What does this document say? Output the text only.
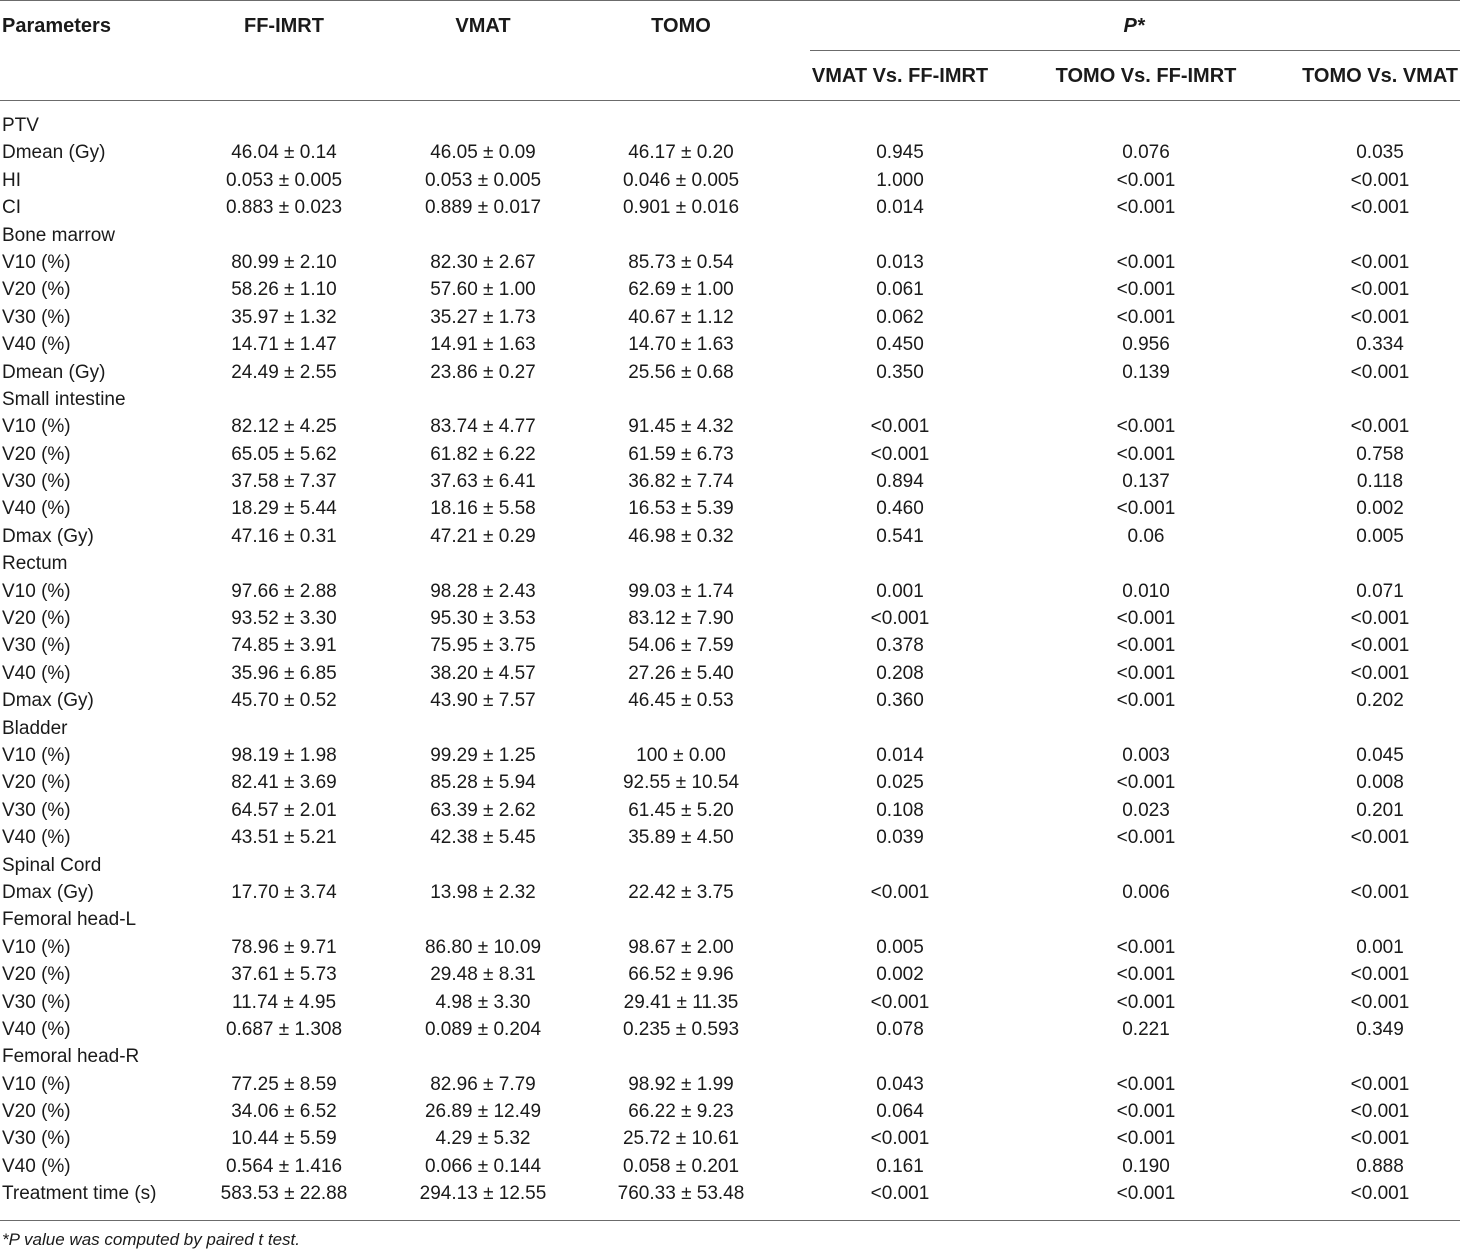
Parameters	FF-IMRT	VMAT	TOMO	P*
VMAT Vs. FF-IMRT	TOMO Vs. FF-IMRT	TOMO Vs. VMAT
PTV
Dmean (Gy)	46.04 ± 0.14	46.05 ± 0.09	46.17 ± 0.20	0.945	0.076	0.035
HI	0.053 ± 0.005	0.053 ± 0.005	0.046 ± 0.005	1.000	<0.001	<0.001
CI	0.883 ± 0.023	0.889 ± 0.017	0.901 ± 0.016	0.014	<0.001	<0.001
Bone marrow
V10 (%)	80.99 ± 2.10	82.30 ± 2.67	85.73 ± 0.54	0.013	<0.001	<0.001
V20 (%)	58.26 ± 1.10	57.60 ± 1.00	62.69 ± 1.00	0.061	<0.001	<0.001
V30 (%)	35.97 ± 1.32	35.27 ± 1.73	40.67 ± 1.12	0.062	<0.001	<0.001
V40 (%)	14.71 ± 1.47	14.91 ± 1.63	14.70 ± 1.63	0.450	0.956	0.334
Dmean (Gy)	24.49 ± 2.55	23.86 ± 0.27	25.56 ± 0.68	0.350	0.139	<0.001
Small intestine
V10 (%)	82.12 ± 4.25	83.74 ± 4.77	91.45 ± 4.32	<0.001	<0.001	<0.001
V20 (%)	65.05 ± 5.62	61.82 ± 6.22	61.59 ± 6.73	<0.001	<0.001	0.758
V30 (%)	37.58 ± 7.37	37.63 ± 6.41	36.82 ± 7.74	0.894	0.137	0.118
V40 (%)	18.29 ± 5.44	18.16 ± 5.58	16.53 ± 5.39	0.460	<0.001	0.002
Dmax (Gy)	47.16 ± 0.31	47.21 ± 0.29	46.98 ± 0.32	0.541	0.06	0.005
Rectum
V10 (%)	97.66 ± 2.88	98.28 ± 2.43	99.03 ± 1.74	0.001	0.010	0.071
V20 (%)	93.52 ± 3.30	95.30 ± 3.53	83.12 ± 7.90	<0.001	<0.001	<0.001
V30 (%)	74.85 ± 3.91	75.95 ± 3.75	54.06 ± 7.59	0.378	<0.001	<0.001
V40 (%)	35.96 ± 6.85	38.20 ± 4.57	27.26 ± 5.40	0.208	<0.001	<0.001
Dmax (Gy)	45.70 ± 0.52	43.90 ± 7.57	46.45 ± 0.53	0.360	<0.001	0.202
Bladder
V10 (%)	98.19 ± 1.98	99.29 ± 1.25	100 ± 0.00	0.014	0.003	0.045
V20 (%)	82.41 ± 3.69	85.28 ± 5.94	92.55 ± 10.54	0.025	<0.001	0.008
V30 (%)	64.57 ± 2.01	63.39 ± 2.62	61.45 ± 5.20	0.108	0.023	0.201
V40 (%)	43.51 ± 5.21	42.38 ± 5.45	35.89 ± 4.50	0.039	<0.001	<0.001
Spinal Cord
Dmax (Gy)	17.70 ± 3.74	13.98 ± 2.32	22.42 ± 3.75	<0.001	0.006	<0.001
Femoral head-L
V10 (%)	78.96 ± 9.71	86.80 ± 10.09	98.67 ± 2.00	0.005	<0.001	0.001
V20 (%)	37.61 ± 5.73	29.48 ± 8.31	66.52 ± 9.96	0.002	<0.001	<0.001
V30 (%)	11.74 ± 4.95	4.98 ± 3.30	29.41 ± 11.35	<0.001	<0.001	<0.001
V40 (%)	0.687 ± 1.308	0.089 ± 0.204	0.235 ± 0.593	0.078	0.221	0.349
Femoral head-R
V10 (%)	77.25 ± 8.59	82.96 ± 7.79	98.92 ± 1.99	0.043	<0.001	<0.001
V20 (%)	34.06 ± 6.52	26.89 ± 12.49	66.22 ± 9.23	0.064	<0.001	<0.001
V30 (%)	10.44 ± 5.59	4.29 ± 5.32	25.72 ± 10.61	<0.001	<0.001	<0.001
V40 (%)	0.564 ± 1.416	0.066 ± 0.144	0.058 ± 0.201	0.161	0.190	0.888
Treatment time (s)	583.53 ± 22.88	294.13 ± 12.55	760.33 ± 53.48	<0.001	<0.001	<0.001
*P value was computed by paired t test.
